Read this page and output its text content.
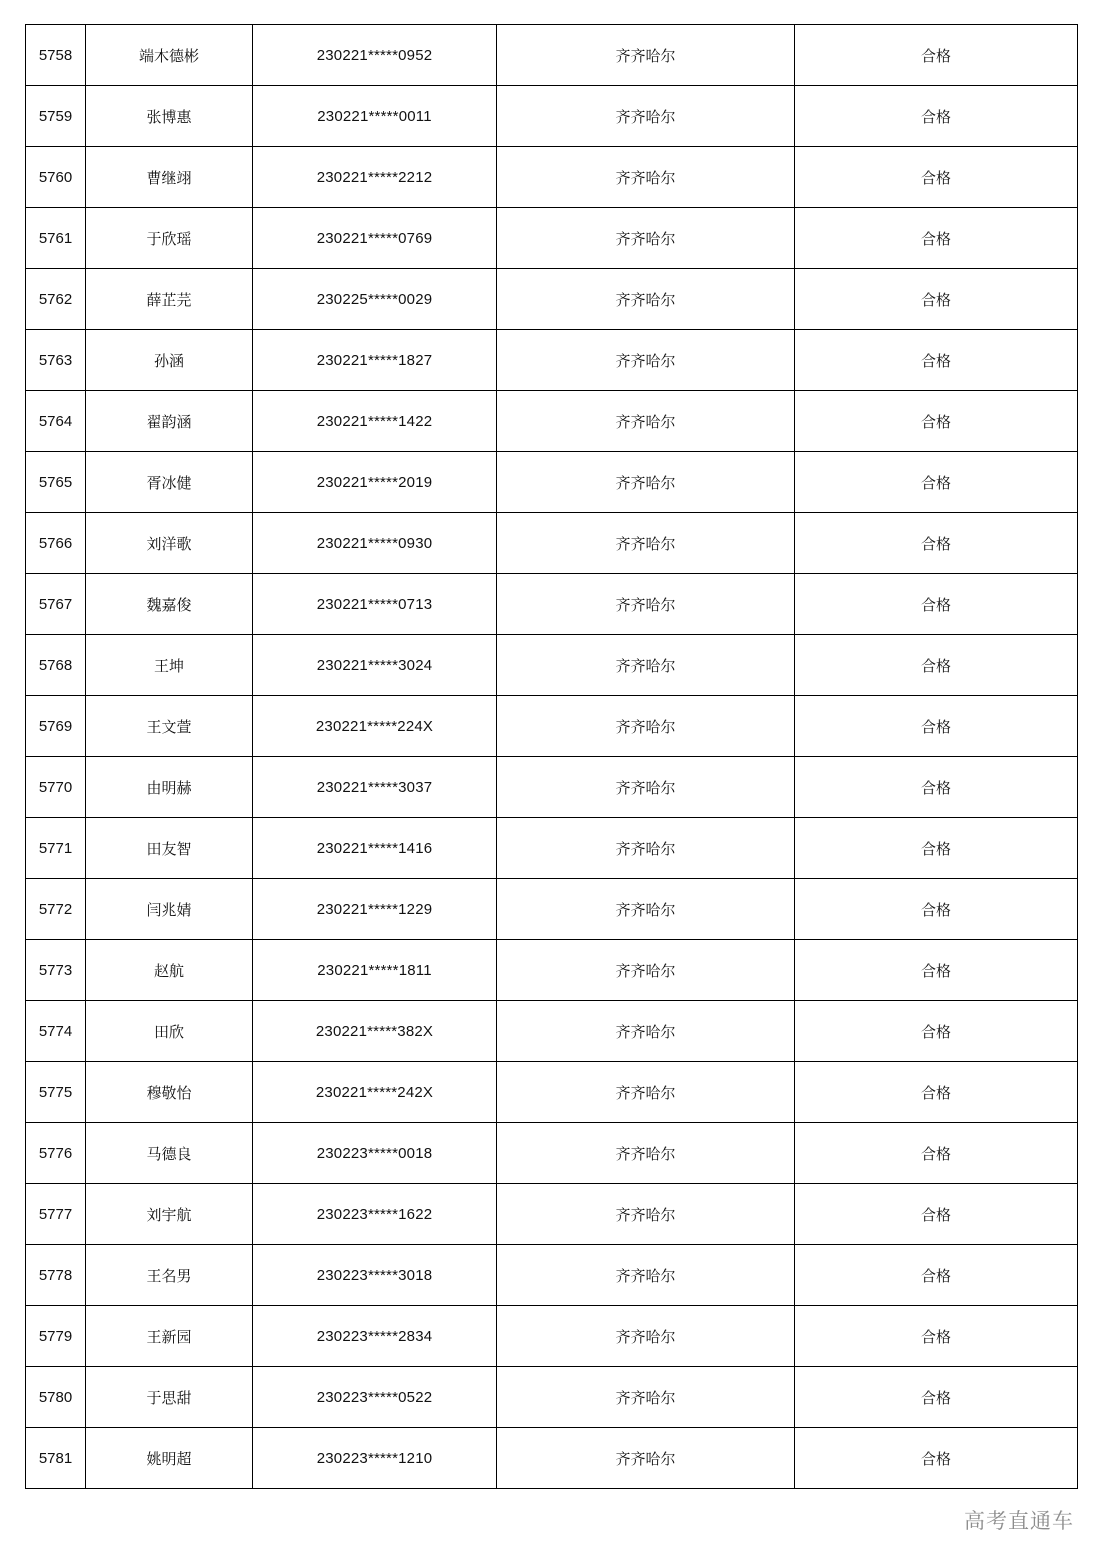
5758	端木德彬	230221*****0952	齐齐哈尔	合格
5759	张博惠	230221*****0011	齐齐哈尔	合格
5760	曹继翊	230221*****2212	齐齐哈尔	合格
5761	于欣瑶	230221*****0769	齐齐哈尔	合格
5762	薛芷芫	230225*****0029	齐齐哈尔	合格
5763	孙涵	230221*****1827	齐齐哈尔	合格
5764	翟韵涵	230221*****1422	齐齐哈尔	合格
5765	胥冰健	230221*****2019	齐齐哈尔	合格
5766	刘洋歌	230221*****0930	齐齐哈尔	合格
5767	魏嘉俊	230221*****0713	齐齐哈尔	合格
5768	王坤	230221*****3024	齐齐哈尔	合格
5769	王文萱	230221*****224X	齐齐哈尔	合格
5770	由明赫	230221*****3037	齐齐哈尔	合格
5771	田友智	230221*****1416	齐齐哈尔	合格
5772	闫兆婧	230221*****1229	齐齐哈尔	合格
5773	赵航	230221*****1811	齐齐哈尔	合格
5774	田欣	230221*****382X	齐齐哈尔	合格
5775	穆敬怡	230221*****242X	齐齐哈尔	合格
5776	马德良	230223*****0018	齐齐哈尔	合格
5777	刘宇航	230223*****1622	齐齐哈尔	合格
5778	王名男	230223*****3018	齐齐哈尔	合格
5779	王新园	230223*****2834	齐齐哈尔	合格
5780	于思甜	230223*****0522	齐齐哈尔	合格
5781	姚明超	230223*****1210	齐齐哈尔	合格
高考直通车
